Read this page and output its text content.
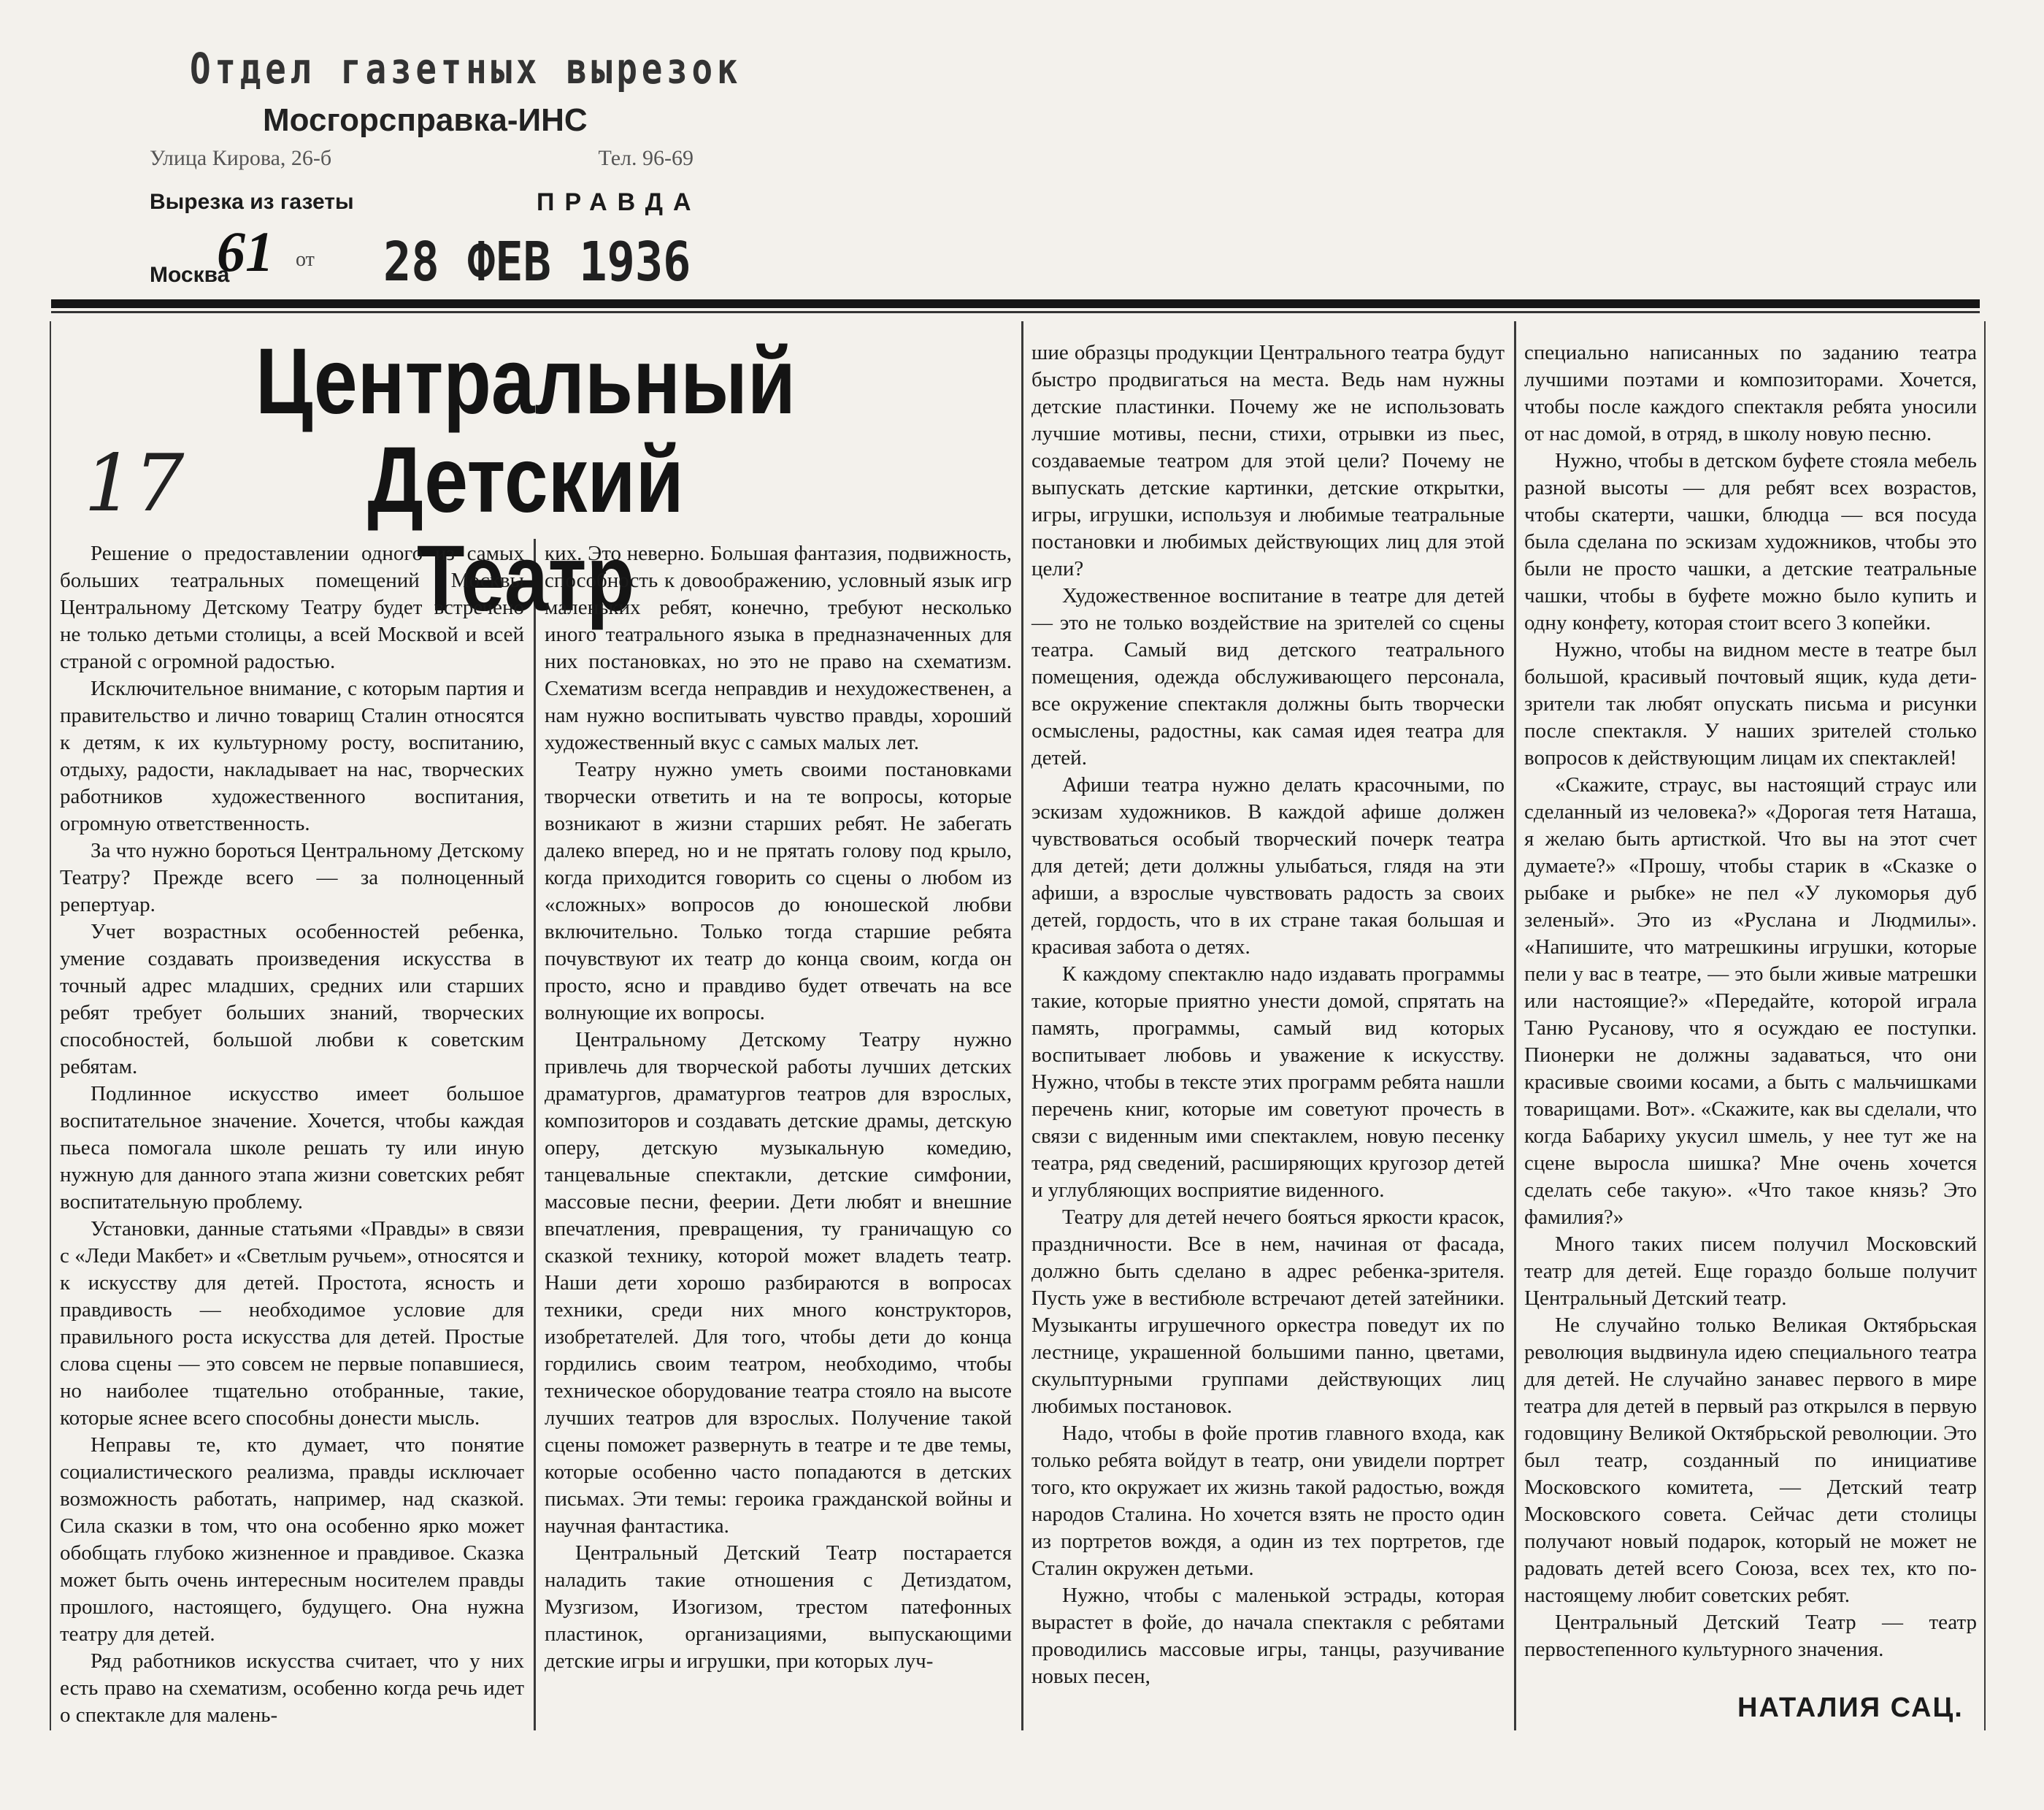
Отдел газетных вырезок
Мосгорсправка-ИНС
Улица Кирова, 26-б	Тел. 96-69
Вырезка из газеты	ПРАВДА
61
Москва
от 28 ФЕВ 1936
Центральный Детский
Театр
17

Решение о предоставлении одного из самых больших театральных помещений Москвы Центральному Детскому Театру будет встречено не только детьми столицы, а всей Москвой и всей страной с огромной радостью.

Исключительное внимание, с которым партия и правительство и лично товарищ Сталин относятся к детям, к их культурному росту, воспитанию, отдыху, радости, накладывает на нас, творческих работников художественного воспитания, огромную ответственность.

За что нужно бороться Центральному Детскому Театру? Прежде всего — за полноценный репертуар.

Учет возрастных особенностей ребенка, умение создавать произведения искусства в точный адрес младших, средних или старших ребят требует больших знаний, творческих способностей, большой любви к советским ребятам.

Подлинное искусство имеет большое воспитательное значение. Хочется, чтобы каждая пьеса помогала школе решать ту или иную нужную для данного этапа жизни советских ребят воспитательную проблему.

Установки, данные статьями «Правды» в связи с «Леди Макбет» и «Светлым ручьем», относятся и к искусству для детей. Простота, ясность и правдивость — необходимое условие для правильного роста искусства для детей. Простые слова сцены — это совсем не первые попавшиеся, но наиболее тщательно отобранные, такие, которые яснее всего способны донести мысль.

Неправы те, кто думает, что понятие социалистического реализма, правды исключает возможность работать, например, над сказкой. Сила сказки в том, что она особенно ярко может обобщать глубоко жизненное и правдивое. Сказка может быть очень интересным носителем правды прошлого, настоящего, будущего. Она нужна театру для детей.

Ряд работников искусства считает, что у них есть право на схематизм, особенно когда речь идет о спектакле для малень-

ких. Это неверно. Большая фантазия, подвижность, способность к довоображению, условный язык игр маленьких ребят, конечно, требуют несколько иного театрального языка в предназначенных для них постановках, но это не право на схематизм. Схематизм всегда неправдив и нехудожественен, а нам нужно воспитывать чувство правды, хороший художественный вкус с самых малых лет.

Театру нужно уметь своими постановками творчески ответить и на те вопросы, которые возникают в жизни старших ребят. Не забегать далеко вперед, но и не прятать голову под крыло, когда приходится говорить со сцены о любом из «сложных» вопросов до юношеской любви включительно. Только тогда старшие ребята почувствуют их театр до конца своим, когда он просто, ясно и правдиво будет отвечать на все волнующие их вопросы.

Центральному Детскому Театру нужно привлечь для творческой работы лучших детских драматургов, драматургов театров для взрослых, композиторов и создавать детские драмы, детскую оперу, детскую музыкальную комедию, танцевальные спектакли, детские симфонии, массовые песни, феерии. Дети любят и внешние впечатления, превращения, ту граничащую со сказкой технику, которой может владеть театр. Наши дети хорошо разбираются в вопросах техники, среди них много конструкторов, изобретателей. Для того, чтобы дети до конца гордились своим театром, необходимо, чтобы техническое оборудование театра стояло на высоте лучших театров для взрослых. Получение такой сцены поможет развернуть в театре и те две темы, которые особенно часто попадаются в детских письмах. Эти темы: героика гражданской войны и научная фантастика.

Центральный Детский Театр постарается наладить такие отношения с Детиздатом, Музгизом, Изогизом, трестом патефонных пластинок, организациями, выпускающими детские игры и игрушки, при которых луч-

шие образцы продукции Центрального театра будут быстро продвигаться на места. Ведь нам нужны детские пластинки. Почему же не использовать лучшие мотивы, песни, стихи, отрывки из пьес, создаваемые театром для этой цели? Почему не выпускать детские картинки, детские открытки, игры, игрушки, используя и любимые театральные постановки и любимых действующих лиц для этой цели?

Художественное воспитание в театре для детей — это не только воздействие на зрителей со сцены театра. Самый вид детского театрального помещения, одежда обслуживающего персонала, все окружение спектакля должны быть творчески осмыслены, радостны, как самая идея театра для детей.

Афиши театра нужно делать красочными, по эскизам художников. В каждой афише должен чувствоваться особый творческий почерк театра для детей; дети должны улыбаться, глядя на эти афиши, а взрослые чувствовать радость за своих детей, гордость, что в их стране такая большая и красивая забота о детях.

К каждому спектаклю надо издавать программы такие, которые приятно унести домой, спрятать на память, программы, самый вид которых воспитывает любовь и уважение к искусству. Нужно, чтобы в тексте этих программ ребята нашли перечень книг, которые им советуют прочесть в связи с виденным ими спектаклем, новую песенку театра, ряд сведений, расширяющих кругозор детей и углубляющих восприятие виденного.

Театру для детей нечего бояться яркости красок, праздничности. Все в нем, начиная от фасада, должно быть сделано в адрес ребенка-зрителя. Пусть уже в вестибюле встречают детей затейники. Музыканты игрушечного оркестра поведут их по лестнице, украшенной большими панно, цветами, скульптурными группами действующих лиц любимых постановок.

Надо, чтобы в фойе против главного входа, как только ребята войдут в театр, они увидели портрет того, кто окружает их жизнь такой радостью, вождя народов Сталина. Но хочется взять не просто один из портретов вождя, а один из тех портретов, где Сталин окружен детьми.

Нужно, чтобы с маленькой эстрады, которая вырастет в фойе, до начала спектакля с ребятами проводились массовые игры, танцы, разучивание новых песен,

специально написанных по заданию театра лучшими поэтами и композиторами. Хочется, чтобы после каждого спектакля ребята уносили от нас домой, в отряд, в школу новую песню.

Нужно, чтобы в детском буфете стояла мебель разной высоты — для ребят всех возрастов, чтобы скатерти, чашки, блюдца — вся посуда была сделана по эскизам художников, чтобы это были не просто чашки, а детские театральные чашки, чтобы в буфете можно было купить и одну конфету, которая стоит всего 3 копейки.

Нужно, чтобы на видном месте в театре был большой, красивый почтовый ящик, куда дети-зрители так любят опускать письма и рисунки после спектакля. У наших зрителей столько вопросов к действующим лицам их спектаклей!

«Скажите, страус, вы настоящий страус или сделанный из человека?» «Дорогая тетя Наташа, я желаю быть артисткой. Что вы на этот счет думаете?» «Прошу, чтобы старик в «Сказке о рыбаке и рыбке» не пел «У лукоморья дуб зеленый». Это из «Руслана и Людмилы». «Напишите, что матрешкины игрушки, которые пели у вас в театре, — это были живые матрешки или настоящие?» «Передайте, которой играла Таню Русанову, что я осуждаю ее поступки. Пионерки не должны задаваться, что они красивые своими косами, а быть с мальчишками товарищами. Вот». «Скажите, как вы сделали, что когда Бабариху укусил шмель, у нее тут же на сцене выросла шишка? Мне очень хочется сделать себе такую». «Что такое князь? Это фамилия?»

Много таких писем получил Московский театр для детей. Еще гораздо больше получит Центральный Детский театр.

Не случайно только Великая Октябрьская революция выдвинула идею специального театра для детей. Не случайно занавес первого в мире театра для детей в первый раз открылся в первую годовщину Великой Октябрьской революции. Это был театр, созданный по инициативе Московского комитета, — Детский театр Московского совета. Сейчас дети столицы получают новый подарок, который не может не радовать детей всего Союза, всех тех, кто по-настоящему любит советских ребят.

Центральный Детский Театр — театр первостепенного культурного значения.

НАТАЛИЯ САЦ.
